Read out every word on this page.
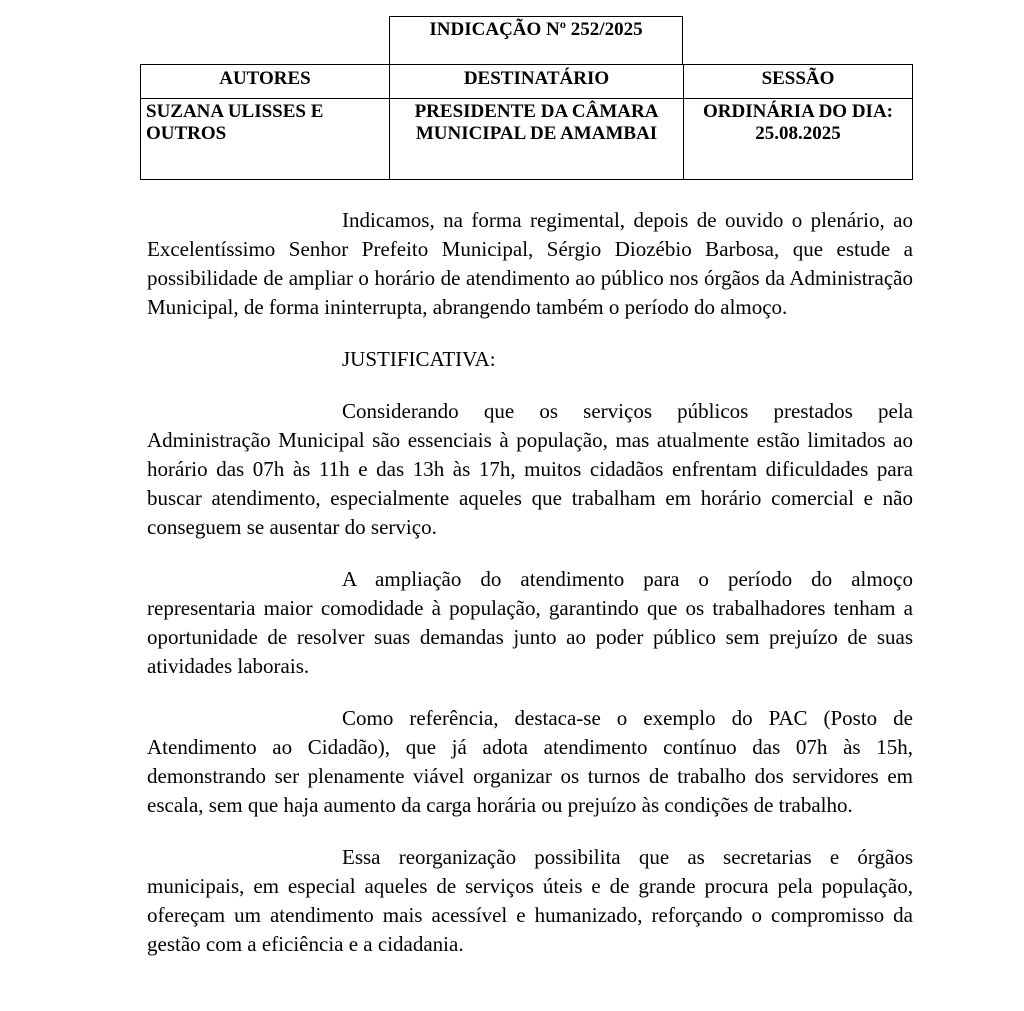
INDICAÇÃO Nº 252/2025
AUTORES	DESTINATÁRIO	SESSÃO
SUZANA ULISSES E OUTROS
PRESIDENTE DA CÂMARA MUNICIPAL DE AMAMBAI
ORDINÁRIA DO DIA: 25.08.2025

Indicamos, na forma regimental, depois de ouvido o plenário, ao Excelentíssimo Senhor Prefeito Municipal, Sérgio Diozébio Barbosa, que estude a possibilidade de ampliar o horário de atendimento ao público nos órgãos da Administração Municipal, de forma ininterrupta, abrangendo também o período do almoço.

JUSTIFICATIVA:

Considerando que os serviços públicos prestados pela Administração Municipal são essenciais à população, mas atualmente estão limitados ao horário das 07h às 11h e das 13h às 17h, muitos cidadãos enfrentam dificuldades para buscar atendimento, especialmente aqueles que trabalham em horário comercial e não conseguem se ausentar do serviço.

A ampliação do atendimento para o período do almoço representaria maior comodidade à população, garantindo que os trabalhadores tenham a oportunidade de resolver suas demandas junto ao poder público sem prejuízo de suas atividades laborais.

Como referência, destaca-se o exemplo do PAC (Posto de Atendimento ao Cidadão), que já adota atendimento contínuo das 07h às 15h, demonstrando ser plenamente viável organizar os turnos de trabalho dos servidores em escala, sem que haja aumento da carga horária ou prejuízo às condições de trabalho.

Essa reorganização possibilita que as secretarias e órgãos municipais, em especial aqueles de serviços úteis e de grande procura pela população, ofereçam um atendimento mais acessível e humanizado, reforçando o compromisso da gestão com a eficiência e a cidadania.
